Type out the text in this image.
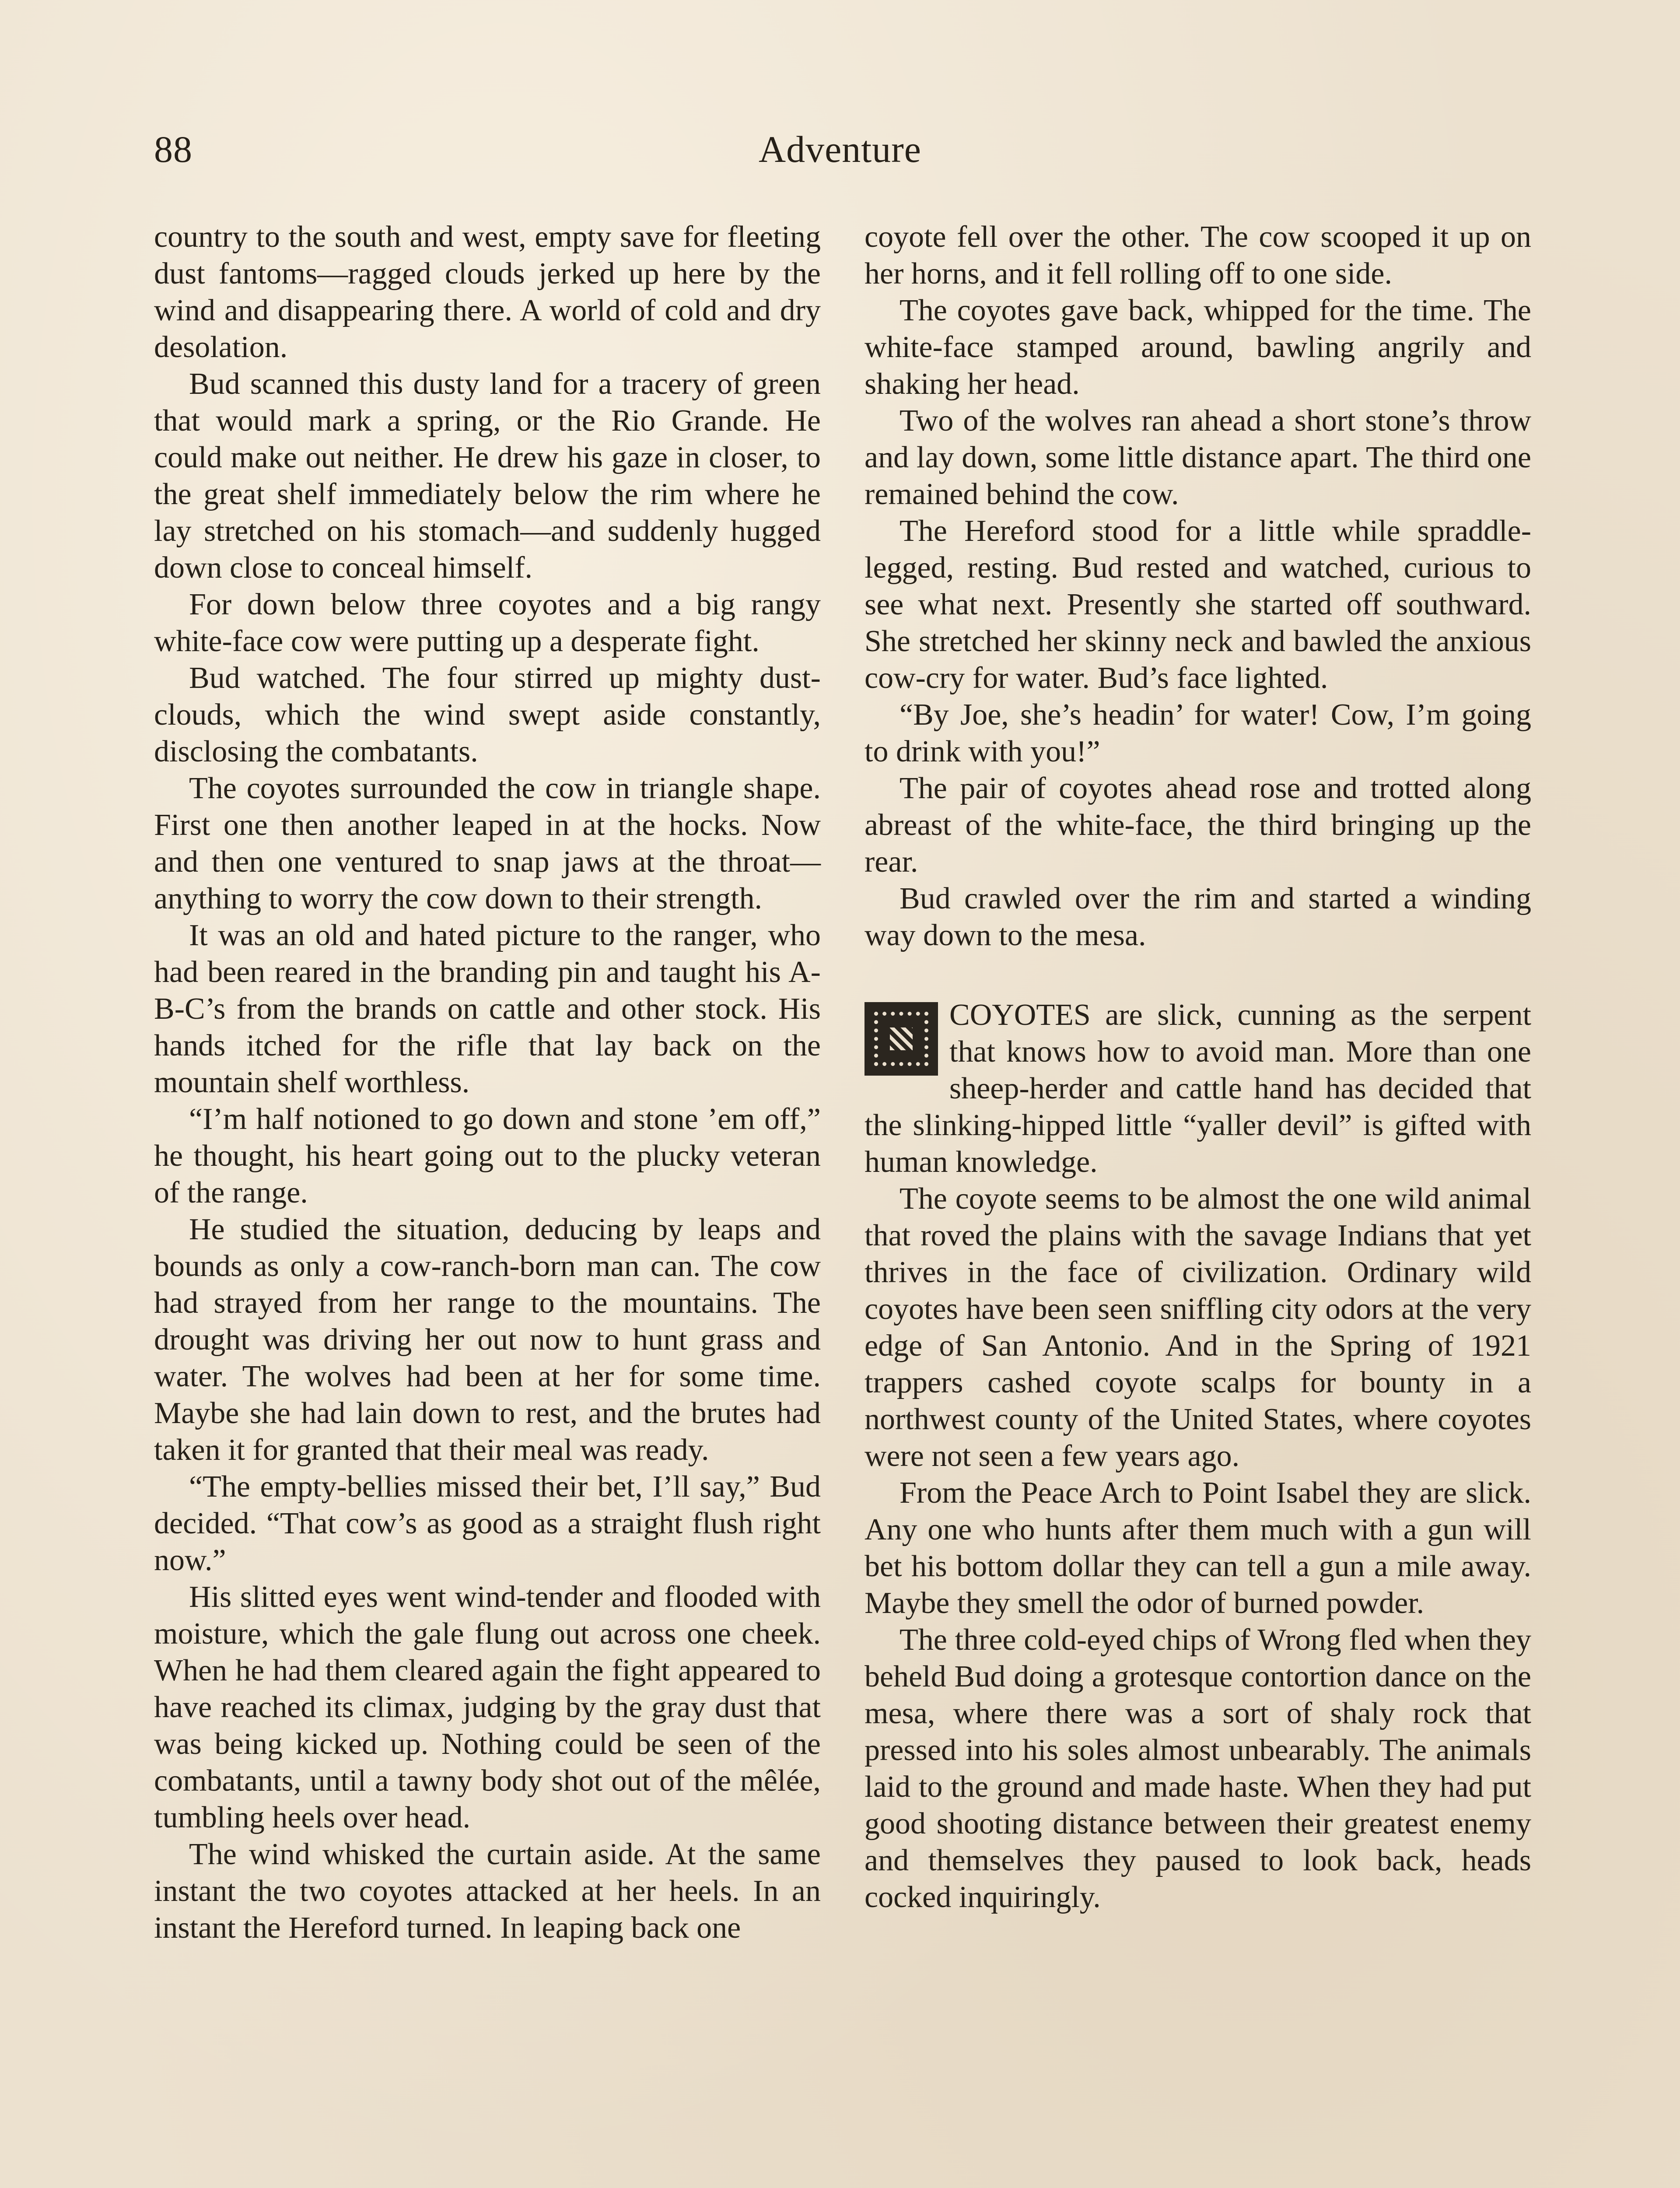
88	Adventure

country to the south and west, empty save for fleeting dust fantoms—ragged clouds jerked up here by the wind and disappearing there. A world of cold and dry desolation.

Bud scanned this dusty land for a tracery of green that would mark a spring, or the Rio Grande. He could make out neither. He drew his gaze in closer, to the great shelf immediately below the rim where he lay stretched on his stomach—and suddenly hugged down close to conceal himself.

For down below three coyotes and a big rangy white-face cow were putting up a desperate fight.

Bud watched. The four stirred up mighty dust-clouds, which the wind swept aside constantly, disclosing the combatants.

The coyotes surrounded the cow in triangle shape. First one then another leaped in at the hocks. Now and then one ventured to snap jaws at the throat—anything to worry the cow down to their strength.

It was an old and hated picture to the ranger, who had been reared in the branding pin and taught his A-B-C’s from the brands on cattle and other stock. His hands itched for the rifle that lay back on the mountain shelf worthless.

“I’m half notioned to go down and stone ’em off,” he thought, his heart going out to the plucky veteran of the range.

He studied the situation, deducing by leaps and bounds as only a cow-ranch-born man can. The cow had strayed from her range to the mountains. The drought was driving her out now to hunt grass and water. The wolves had been at her for some time. Maybe she had lain down to rest, and the brutes had taken it for granted that their meal was ready.

“The empty-bellies missed their bet, I’ll say,” Bud decided. “That cow’s as good as a straight flush right now.”

His slitted eyes went wind-tender and flooded with moisture, which the gale flung out across one cheek. When he had them cleared again the fight appeared to have reached its climax, judging by the gray dust that was being kicked up. Nothing could be seen of the combatants, until a tawny body shot out of the mêlée, tumbling heels over head.

The wind whisked the curtain aside. At the same instant the two coyotes attacked at her heels. In an instant the Hereford turned. In leaping back one

coyote fell over the other. The cow scooped it up on her horns, and it fell rolling off to one side.

The coyotes gave back, whipped for the time. The white-face stamped around, bawling angrily and shaking her head.

Two of the wolves ran ahead a short stone’s throw and lay down, some little distance apart. The third one remained behind the cow.

The Hereford stood for a little while spraddle-legged, resting. Bud rested and watched, curious to see what next. Presently she started off southward. She stretched her skinny neck and bawled the anxious cow-cry for water. Bud’s face lighted.

“By Joe, she’s headin’ for water! Cow, I’m going to drink with you!”

The pair of coyotes ahead rose and trotted along abreast of the white-face, the third bringing up the rear.

Bud crawled over the rim and started a winding way down to the mesa.

COYOTES are slick, cunning as the serpent that knows how to avoid man. More than one sheep-herder and cattle hand has decided that the slinking-hipped little “yaller devil” is gifted with human knowledge.

The coyote seems to be almost the one wild animal that roved the plains with the savage Indians that yet thrives in the face of civilization. Ordinary wild coyotes have been seen sniffling city odors at the very edge of San Antonio. And in the Spring of 1921 trappers cashed coyote scalps for bounty in a northwest county of the United States, where coyotes were not seen a few years ago.

From the Peace Arch to Point Isabel they are slick. Any one who hunts after them much with a gun will bet his bottom dollar they can tell a gun a mile away. Maybe they smell the odor of burned powder.

The three cold-eyed chips of Wrong fled when they beheld Bud doing a grotesque contortion dance on the mesa, where there was a sort of shaly rock that pressed into his soles almost unbearably. The animals laid to the ground and made haste. When they had put good shooting distance between their greatest enemy and themselves they paused to look back, heads cocked inquiringly.
